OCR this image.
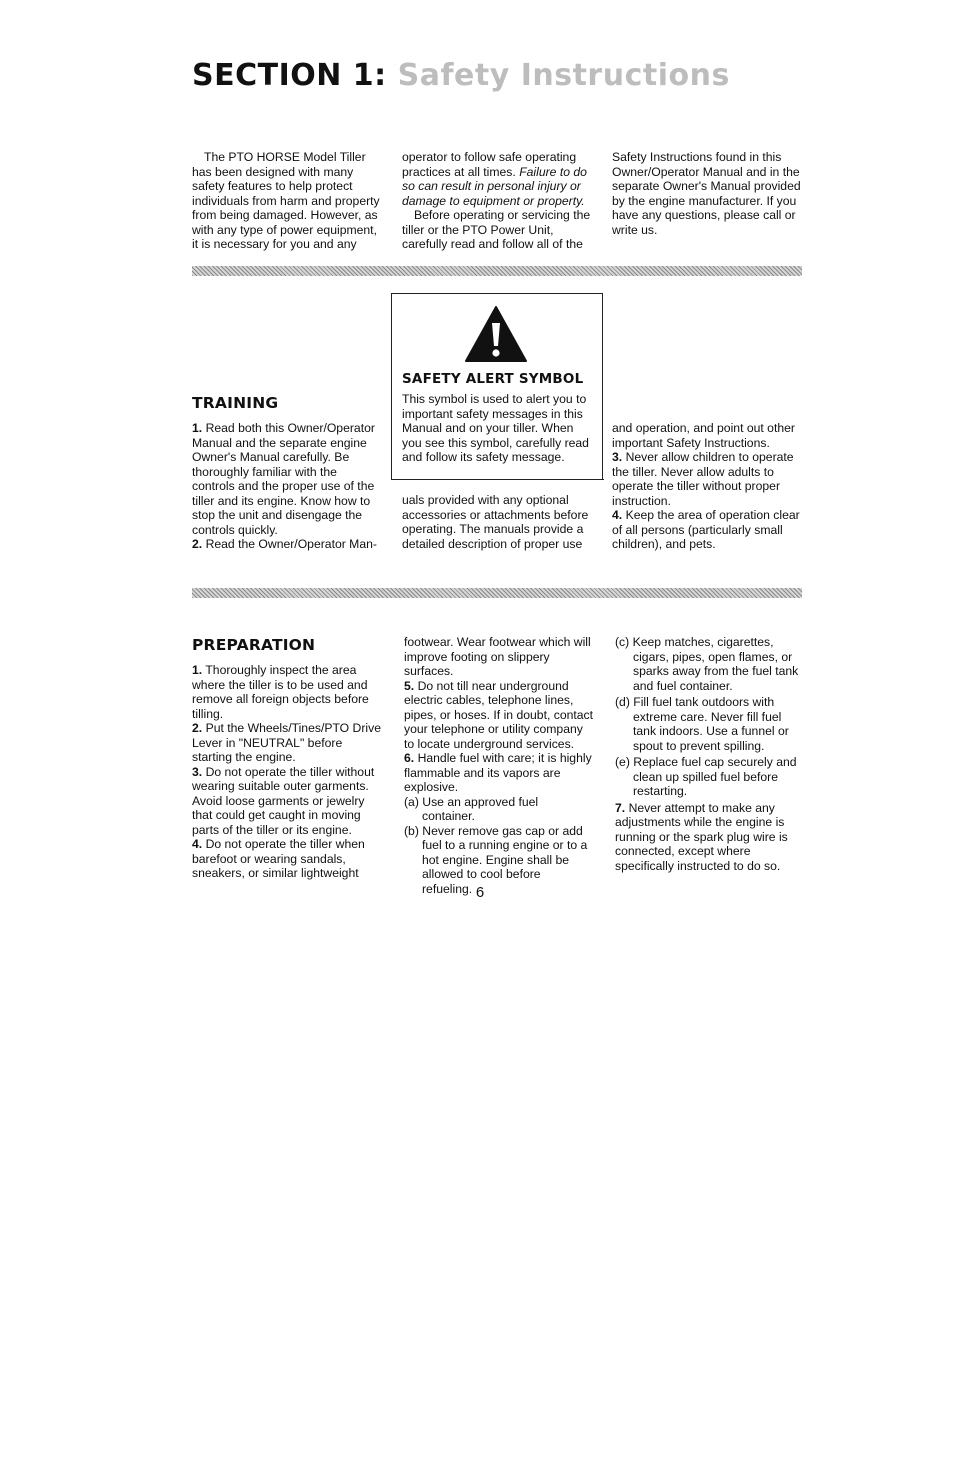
SECTION 1: Safety Instructions

The PTO HORSE Model Tiller has been designed with many safety features to help protect individuals from harm and property from being damaged. However, as with any type of power equipment, it is necessary for you and any

operator to follow safe operating practices at all times. Failure to do so can result in personal injury or damage to equipment or property.

Before operating or servicing the tiller or the PTO Power Unit, carefully read and follow all of the

Safety Instructions found in this Owner/Operator Manual and in the separate Owner's Manual provided by the engine manufacturer. If you have any questions, please call or write us.

SAFETY ALERT SYMBOL

This symbol is used to alert you to important safety messages in this Manual and on your tiller. When you see this symbol, carefully read and follow its safety message.

TRAINING

1. Read both this Owner/Operator Manual and the separate engine Owner's Manual carefully. Be thoroughly familiar with the controls and the proper use of the tiller and its engine. Know how to stop the unit and disengage the controls quickly.

2. Read the Owner/Operator Man-

uals provided with any optional accessories or attachments before operating. The manuals provide a detailed description of proper use

and operation, and point out other important Safety Instructions.

3. Never allow children to operate the tiller. Never allow adults to operate the tiller without proper instruction.

4. Keep the area of operation clear of all persons (particularly small children), and pets.

PREPARATION

1. Thoroughly inspect the area where the tiller is to be used and remove all foreign objects before tilling.

2. Put the Wheels/Tines/PTO Drive Lever in "NEUTRAL" before starting the engine.

3. Do not operate the tiller without wearing suitable outer garments. Avoid loose garments or jewelry that could get caught in moving parts of the tiller or its engine.

4. Do not operate the tiller when barefoot or wearing sandals, sneakers, or similar lightweight

footwear. Wear footwear which will improve footing on slippery surfaces.

5. Do not till near underground electric cables, telephone lines, pipes, or hoses. If in doubt, contact your telephone or utility company to locate underground services.

6. Handle fuel with care; it is highly flammable and its vapors are explosive.

(a) Use an approved fuel container.

(b) Never remove gas cap or add fuel to a running engine or to a hot engine. Engine shall be allowed to cool before refueling.

(c) Keep matches, cigarettes, cigars, pipes, open flames, or sparks away from the fuel tank and fuel container.

(d) Fill fuel tank outdoors with extreme care. Never fill fuel tank indoors. Use a funnel or spout to prevent spilling.

(e) Replace fuel cap securely and clean up spilled fuel before restarting.

7. Never attempt to make any adjustments while the engine is running or the spark plug wire is connected, except where specifically instructed to do so.

6
